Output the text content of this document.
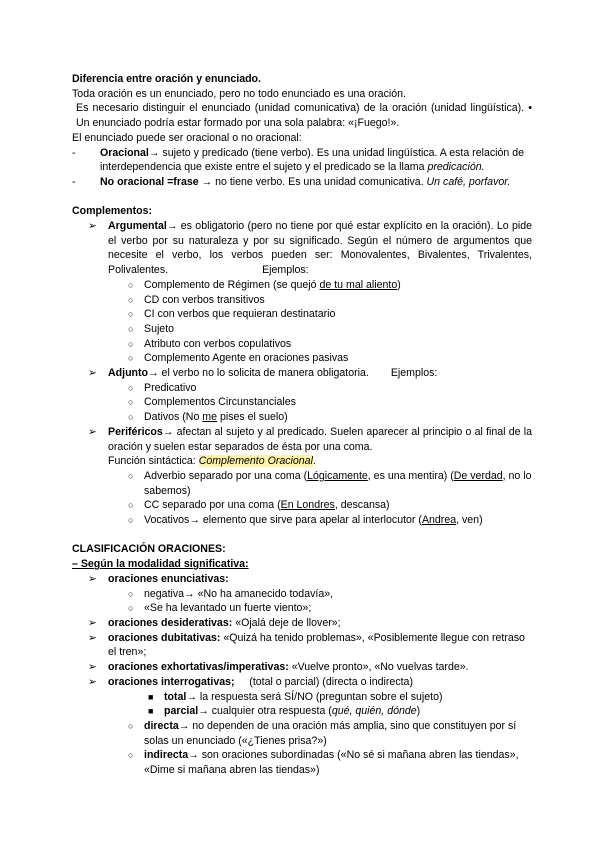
Diferencia entre oración y enunciado.

Toda oración es un enunciado, pero no todo enunciado es una oración.

Es necesario distinguir el enunciado (unidad comunicativa) de la oración (unidad lingüística). • Un enunciado podría estar formado por una sola palabra: «¡Fuego!».

El enunciado puede ser oracional o no oracional:

-	Oracional→ sujeto y predicado (tiene verbo). Es una unidad lingüística. A esta relación de interdependencia que existe entre el sujeto y el predicado se la llama predicación.
-	No oracional =frase → no tiene verbo. Es una unidad comunicativa. Un café, porfavor.

Complementos:

➢	Argumental→ es obligatorio (pero no tiene por qué estar explícito en la oración). Lo pide el verbo por su naturaleza y por su significado. Según el número de argumentos que necesite el verbo, los verbos pueden ser: Monovalentes, Bivalentes, Trivalentes, Polivalentes.	Ejemplos:
○ Complemento de Régimen (se quejó de tu mal aliento)
○ CD con verbos transitivos
○ CI con verbos que requieran destinatario
○ Sujeto
○ Atributo con verbos copulativos
○ Complemento Agente en oraciones pasivas
➢	Adjunto→ el verbo no lo solicita de manera obligatoria. Ejemplos:
○ Predicativo
○ Complementos Circunstanciales
○ Dativos (No me pises el suelo)
➢	Periféricos→ afectan al sujeto y al predicado. Suelen aparecer al principio o al final de la oración y suelen estar separados de ésta por una coma.

Función sintáctica: Complemento Oracional.

○ Adverbio separado por una coma (Lógicamente, es una mentira) (De verdad, no lo sabemos)
○ CC separado por una coma (En Londres, descansa)
○ Vocativos→ elemento que sirve para apelar al interlocutor (Andrea, ven)

CLASIFICACIÓN ORACIONES:

– Según la modalidad significativa:

➢	oraciones enunciativas:
○ negativa→ «No ha amanecido todavía»,
○ «Se ha levantado un fuerte viento»;
➢	oraciones desiderativas: «Ojalá deje de llover»;
➢	oraciones dubitativas: «Quizá ha tenido problemas», «Posiblemente llegue con retraso el tren»;
➢	oraciones exhortativas/imperativas: «Vuelve pronto», «No vuelvas tarde».
➢	oraciones interrogativas;     (total o parcial) (directa o indirecta)
■ total→ la respuesta será SÍ/NO (preguntan sobre el sujeto)
■ parcial→ cualquier otra respuesta (qué, quién, dónde)
○ directa→ no dependen de una oración más amplia, sino que constituyen por sí solas un enunciado («¿Tienes prisa?»)
○ indirecta→ son oraciones subordinadas («No sé si mañana abren las tiendas», «Dime si mañana abren las tiendas»)
